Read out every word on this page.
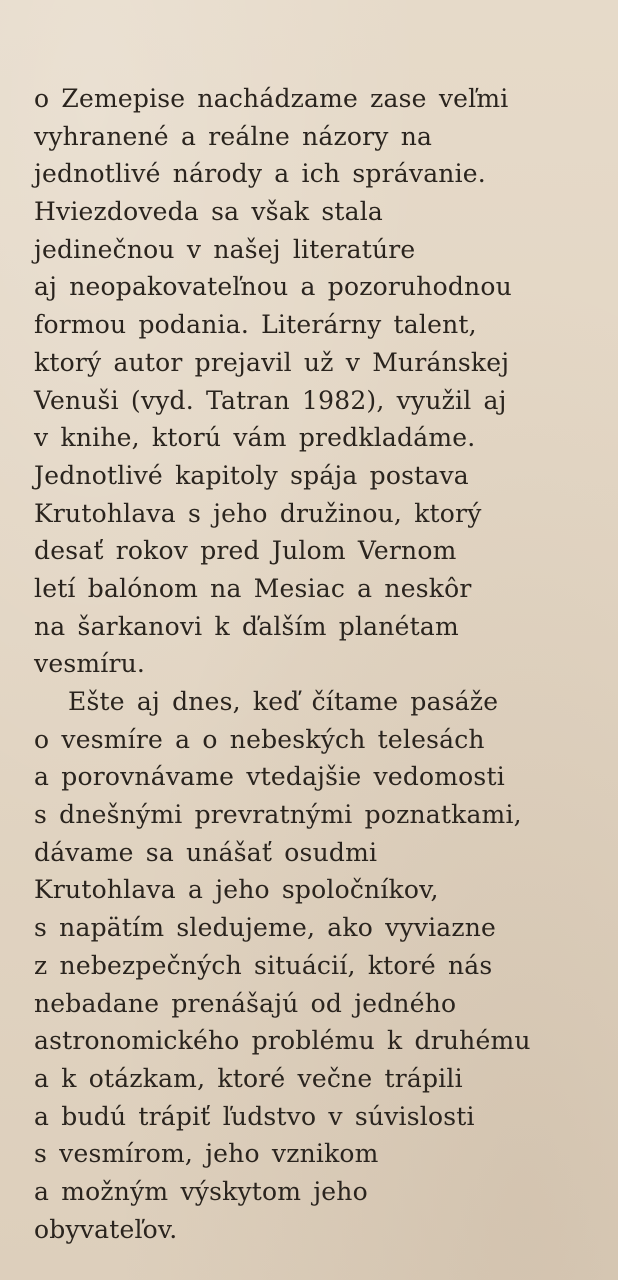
o Zemepise nachádzame zase veľmi
vyhranené a reálne názory na
jednotlivé národy a ich správanie.
Hviezdoveda sa však stala
jedinečnou v našej literatúre
aj neopakovateľnou a pozoruhodnou
formou podania. Literárny talent,
ktorý autor prejavil už v Muránskej
Venuši (vyd. Tatran 1982), využil aj
v knihe, ktorú vám predkladáme.
Jednotlivé kapitoly spája postava
Krutohlava s jeho družinou, ktorý
desať rokov pred Julom Vernom
letí balónom na Mesiac a neskôr
na šarkanovi k ďalším planétam
vesmíru.
Ešte aj dnes, keď čítame pasáže
o vesmíre a o nebeských telesách
a porovnávame vtedajšie vedomosti
s dnešnými prevratnými poznatkami,
dávame sa unášať osudmi
Krutohlava a jeho spoločníkov,
s napätím sledujeme, ako vyviazne
z nebezpečných situácií, ktoré nás
nebadane prenášajú od jedného
astronomického problému k druhému
a k otázkam, ktoré večne trápili
a budú trápiť ľudstvo v súvislosti
s vesmírom, jeho vznikom
a možným výskytom jeho
obyvateľov.
